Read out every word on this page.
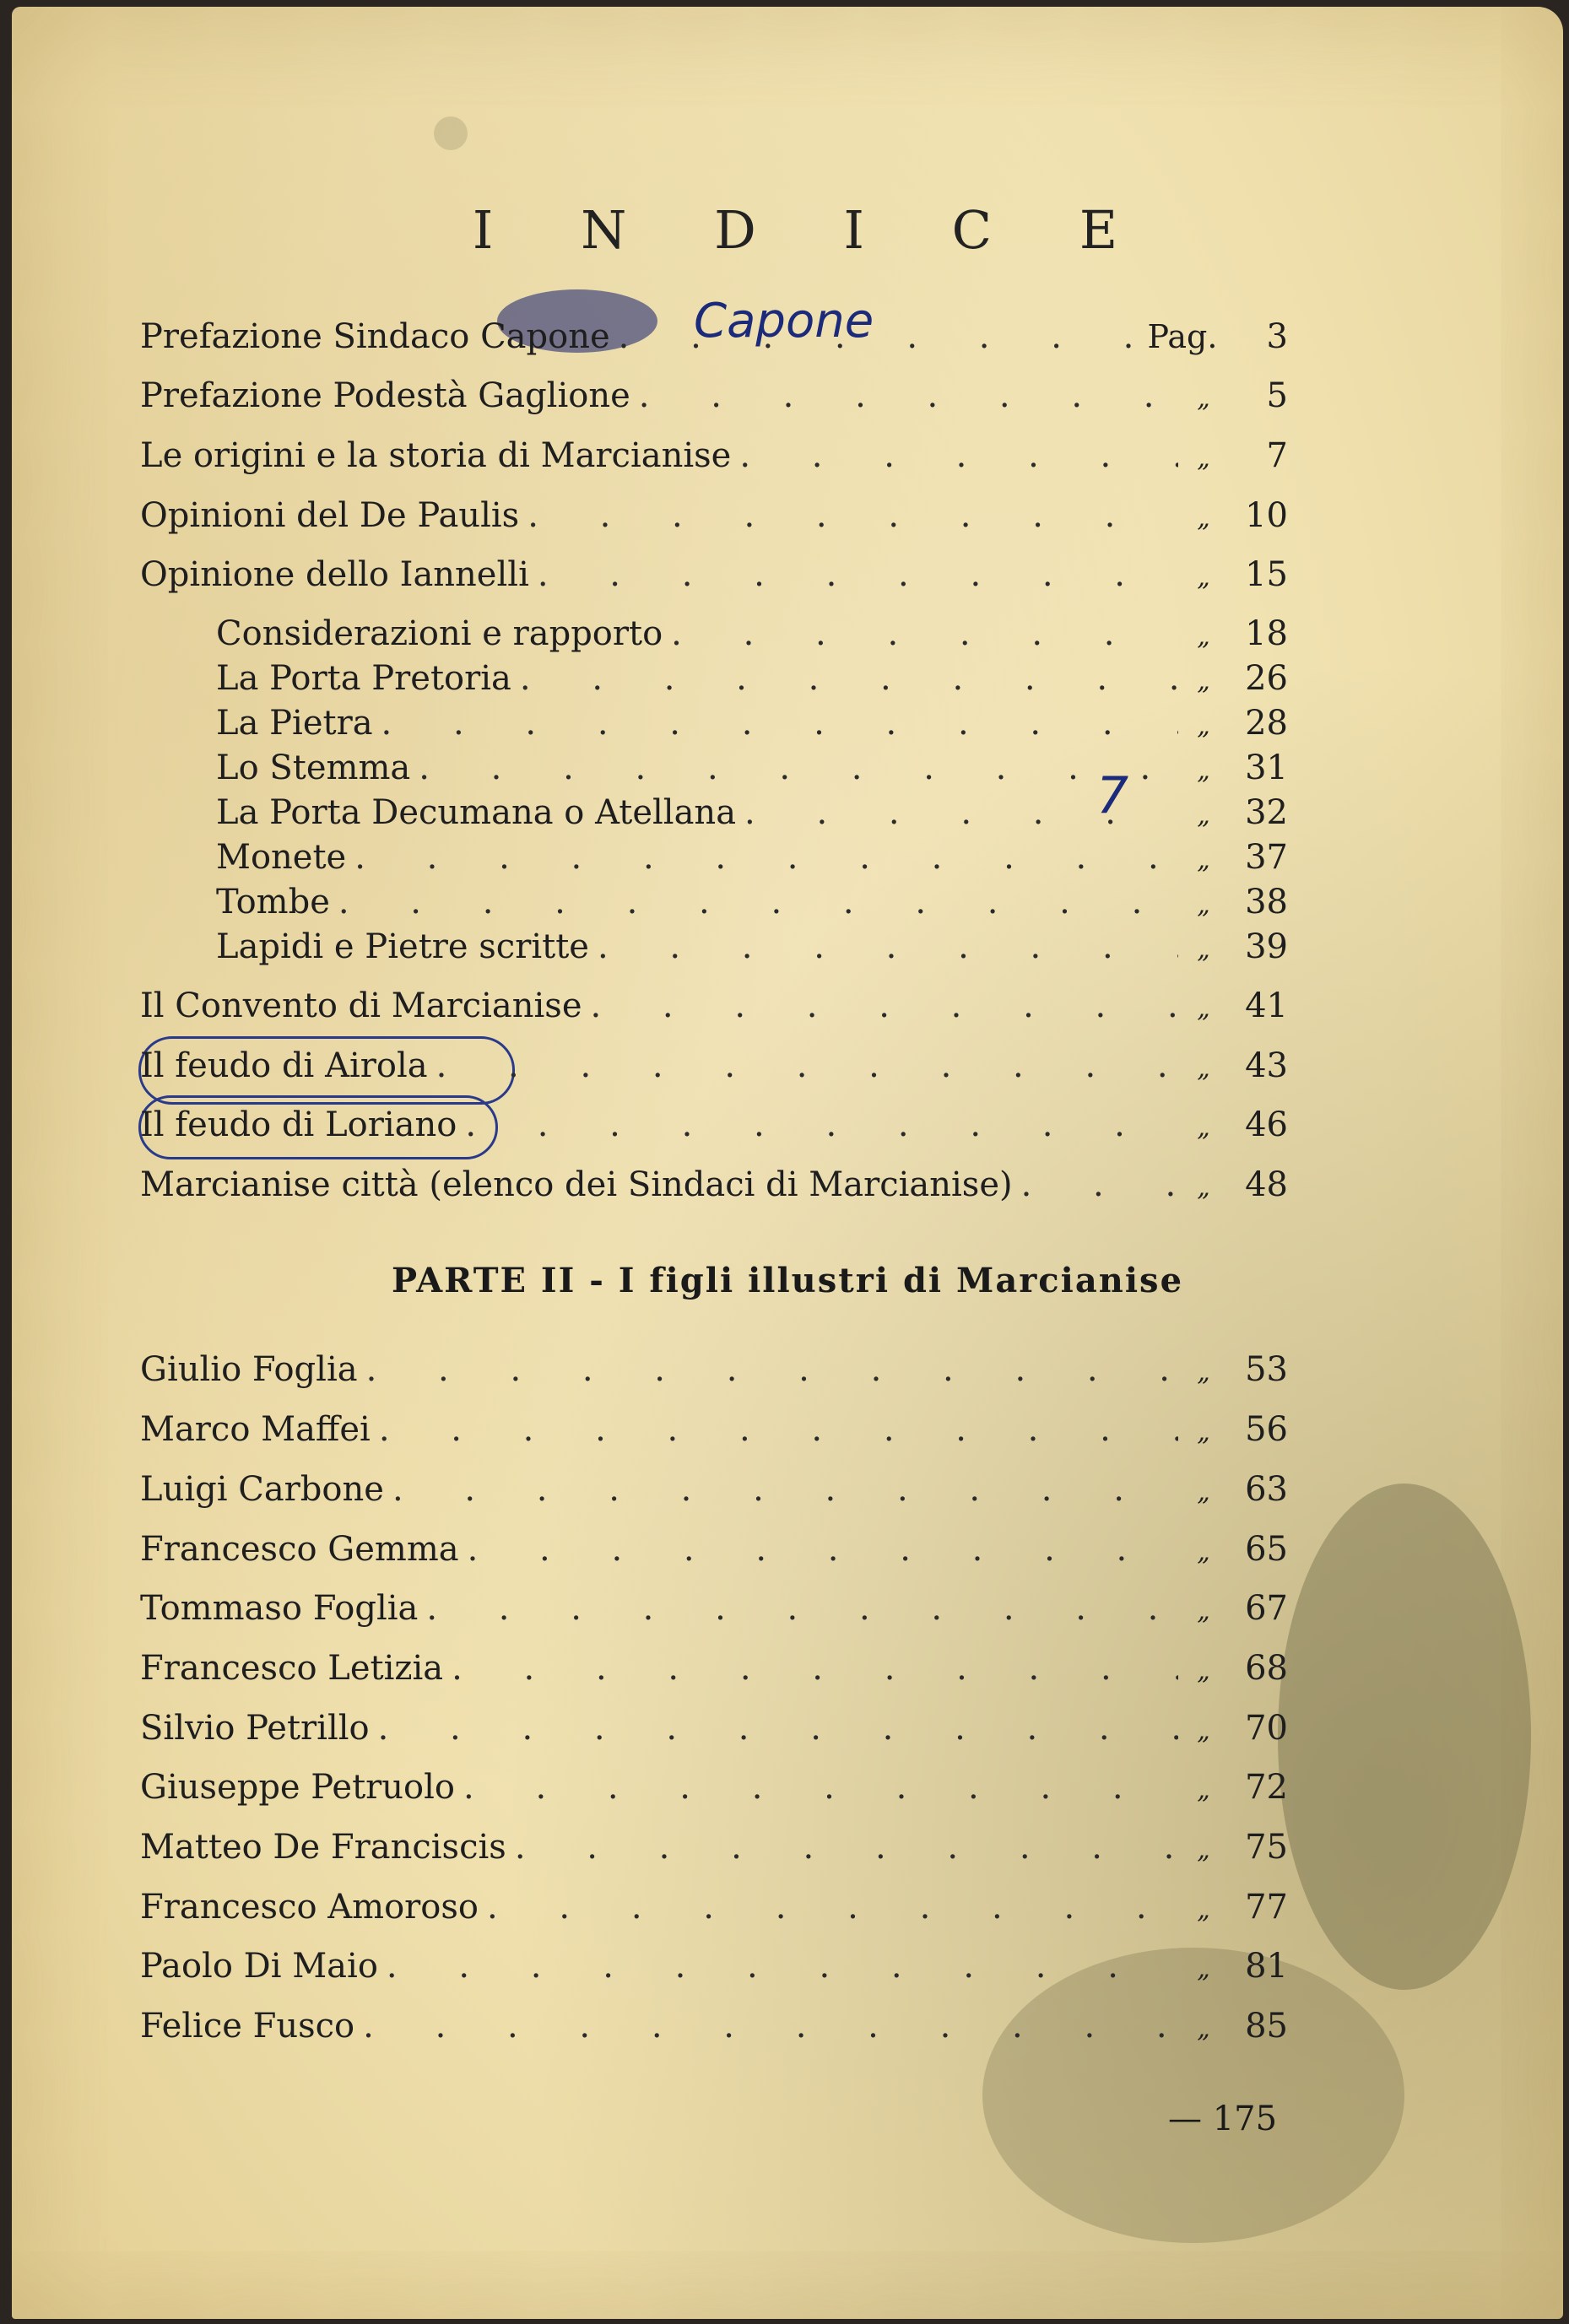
I N D I C E
Capone
7
Prefazione Sindaco Capone . . .	Pag.	3
Prefazione Podestà Gaglione . . .	„	5
Le origini e la storia di Marcianise . . .	„	7
Opinioni del De Paulis . . .	„	10
Opinione dello Iannelli . . .	„	15
Considerazioni e rapporto . . .	„	18
La Porta Pretoria . . .	„	26
La Pietra . . .	„	28
Lo Stemma . . .	„	31
La Porta Decumana o Atellana . . .	„	32
Monete . . .	„	37
Tombe . . .	„	38
Lapidi e Pietre scritte . . .	„	39
Il Convento di Marcianise . . .	„	41
Il feudo di Airola . . .	„	43
Il feudo di Loriano . . .	„	46
Marcianise città (elenco dei Sindaci di Marcianise) . . .	„	48
PARTE II - I figli illustri di Marcianise
Giulio Foglia . . .	„	53
Marco Maffei . . .	„	56
Luigi Carbone . . .	„	63
Francesco Gemma . . .	„	65
Tommaso Foglia . . .	„	67
Francesco Letizia . . .	„	68
Silvio Petrillo . . .	„	70
Giuseppe Petruolo . . .	„	72
Matteo De Franciscis . . .	„	75
Francesco Amoroso . . .	„	77
Paolo Di Maio . . .	„	81
Felice Fusco . . .	„	85
— 175
